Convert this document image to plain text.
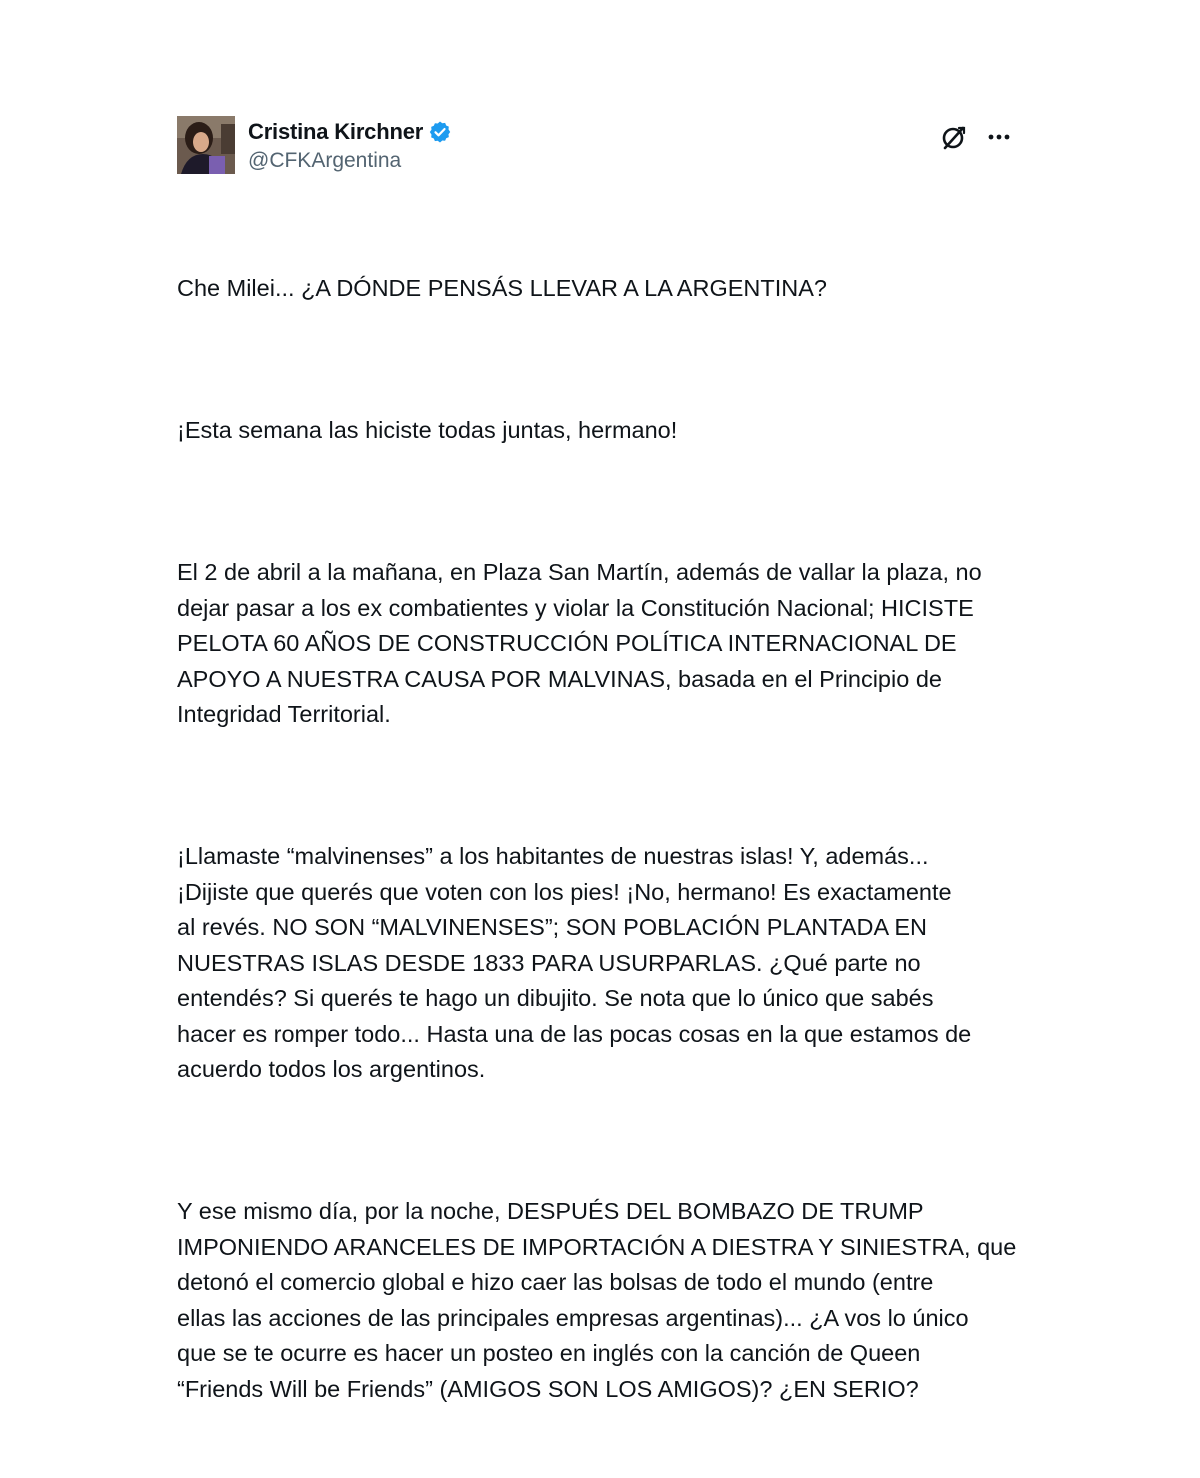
Cristina Kirchner
@CFKArgentina

Che Milei... ¿A DÓNDE PENSÁS LLEVAR A LA ARGENTINA?

¡Esta semana las hiciste todas juntas, hermano!

El 2 de abril a la mañana, en Plaza San Martín, además de vallar la plaza, no
dejar pasar a los ex combatientes y violar la Constitución Nacional; HICISTE
PELOTA 60 AÑOS DE CONSTRUCCIÓN POLÍTICA INTERNACIONAL DE
APOYO A NUESTRA CAUSA POR MALVINAS, basada en el Principio de
Integridad Territorial.

¡Llamaste “malvinenses” a los habitantes de nuestras islas! Y, además...
¡Dijiste que querés que voten con los pies! ¡No, hermano! Es exactamente
al revés. NO SON “MALVINENSES”; SON POBLACIÓN PLANTADA EN
NUESTRAS ISLAS DESDE 1833 PARA USURPARLAS. ¿Qué parte no
entendés? Si querés te hago un dibujito. Se nota que lo único que sabés
hacer es romper todo... Hasta una de las pocas cosas en la que estamos de
acuerdo todos los argentinos.

Y ese mismo día, por la noche, DESPUÉS DEL BOMBAZO DE TRUMP
IMPONIENDO ARANCELES DE IMPORTACIÓN A DIESTRA Y SINIESTRA, que
detonó el comercio global e hizo caer las bolsas de todo el mundo (entre
ellas las acciones de las principales empresas argentinas)... ¿A vos lo único
que se te ocurre es hacer un posteo en inglés con la canción de Queen
“Friends Will be Friends” (AMIGOS SON LOS AMIGOS)? ¿EN SERIO?
